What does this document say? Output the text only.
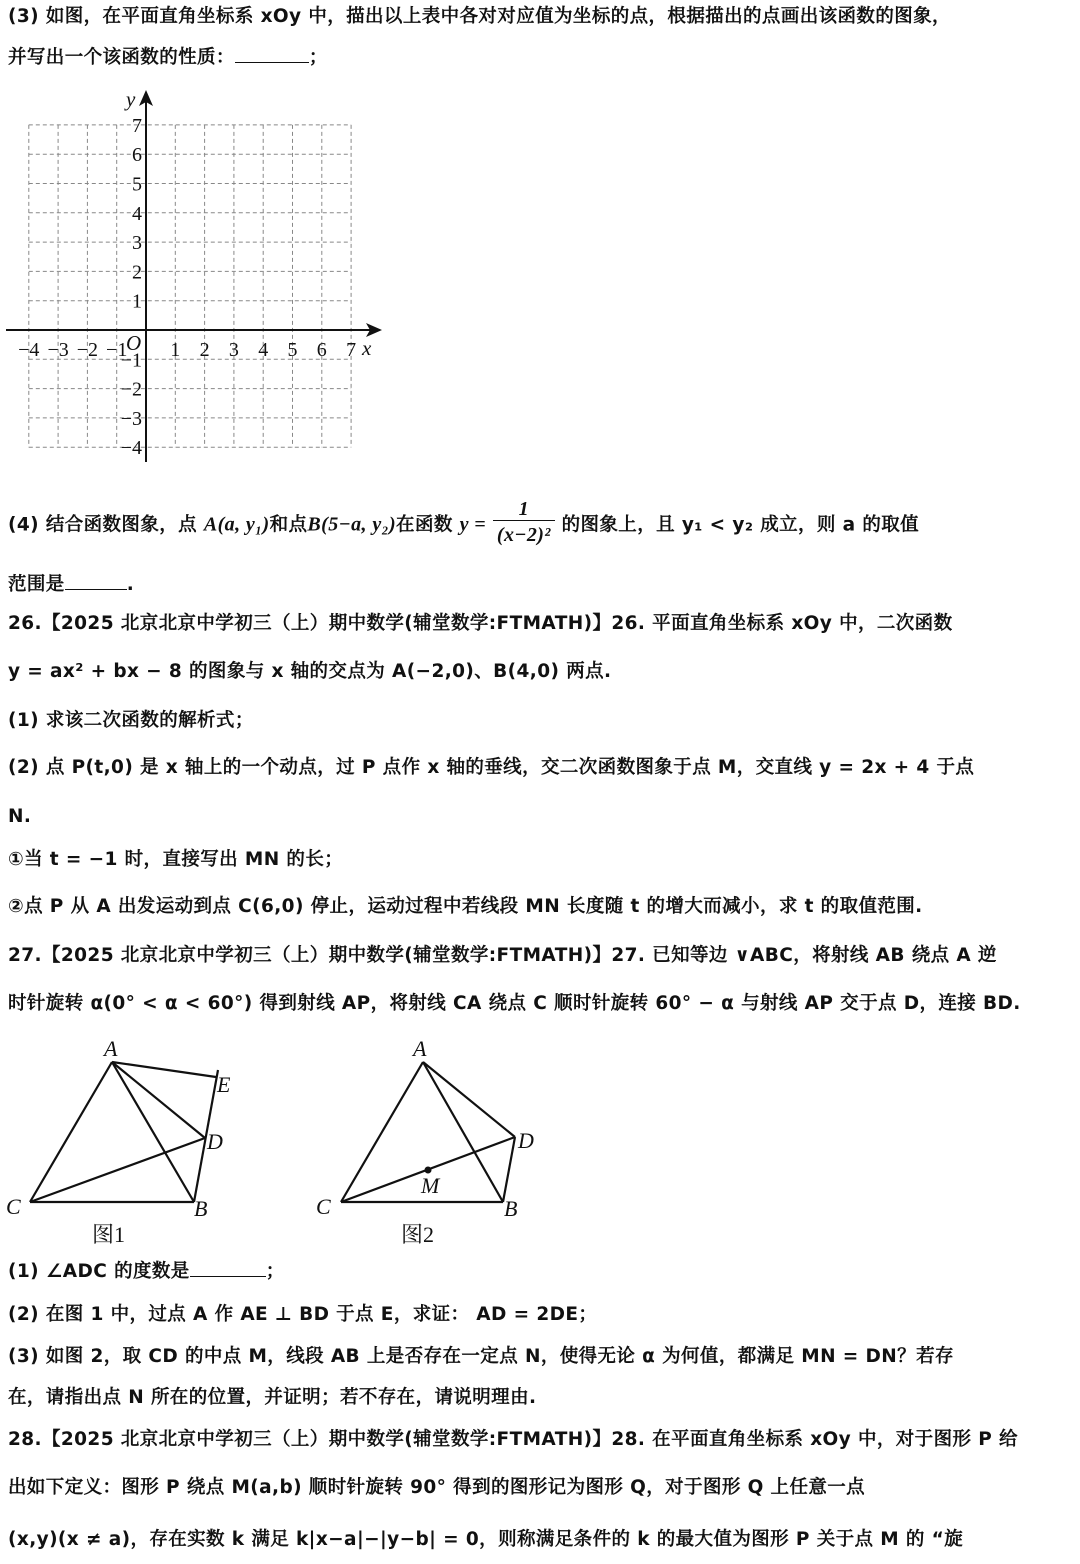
(3) 如图，在平面直角坐标系 xOy 中，描出以上表中各对对应值为坐标的点，根据描出的点画出该函数的图象，
并写出一个该函数的性质：	；
−4 −3 −2 −1 1 2 3 4 5 6 7
7
6
5
4
3
2
1
−1
−2
−3
−4
O	x
y
(4) 结合函数图象，点 A(a, y₁)和点B(5−a, y₂)在函数 $y = \frac{1}{\text{(x−2)²}}$ 的图象上，且 y₁ < y₂ 成立，则 a 的取值
范围是	.
26.【2025 北京北京中学初三（上）期中数学(辅堂数学:FTMATH)】26. 平面直角坐标系 xOy 中，二次函数
y = ax² + bx − 8 的图象与 x 轴的交点为 A(−2,0)、B(4,0) 两点.
(1) 求该二次函数的解析式；
(2) 点 P(t,0) 是 x 轴上的一个动点，过 P 点作 x 轴的垂线，交二次函数图象于点 M，交直线 y = 2x + 4 于点
N.
①当 t = −1 时，直接写出 MN 的长；
②点 P 从 A 出发运动到点 C(6,0) 停止，运动过程中若线段 MN 长度随 t 的增大而减小，求 t 的取值范围.
27.【2025 北京北京中学初三（上）期中数学(辅堂数学:FTMATH)】27. 已知等边 ∨ABC，将射线 AB 绕点 A 逆
时针旋转 α(0° < α < 60°) 得到射线 AP，将射线 CA 绕点 C 顺时针旋转 60° − α 与射线 AP 交于点 D，连接 BD.
A
E
D
C	B
图1
A
D
M
C	B
图2
(1) ∠ADC 的度数是	；
(2) 在图 1 中，过点 A 作 AE ⊥ BD 于点 E，求证： AD = 2DE；
(3) 如图 2，取 CD 的中点 M，线段 AB 上是否存在一定点 N，使得无论 α 为何值，都满足 MN = DN？若存
在，请指出点 N 所在的位置，并证明；若不存在，请说明理由.
28.【2025 北京北京中学初三（上）期中数学(辅堂数学:FTMATH)】28. 在平面直角坐标系 xOy 中，对于图形 P 给
出如下定义：图形 P 绕点 M(a,b) 顺时针旋转 90° 得到的图形记为图形 Q，对于图形 Q 上任意一点
(x,y)(x ≠ a)，存在实数 k 满足 k|x−a|−|y−b| = 0，则称满足条件的 k 的最大值为图形 P 关于点 M 的 “旋
